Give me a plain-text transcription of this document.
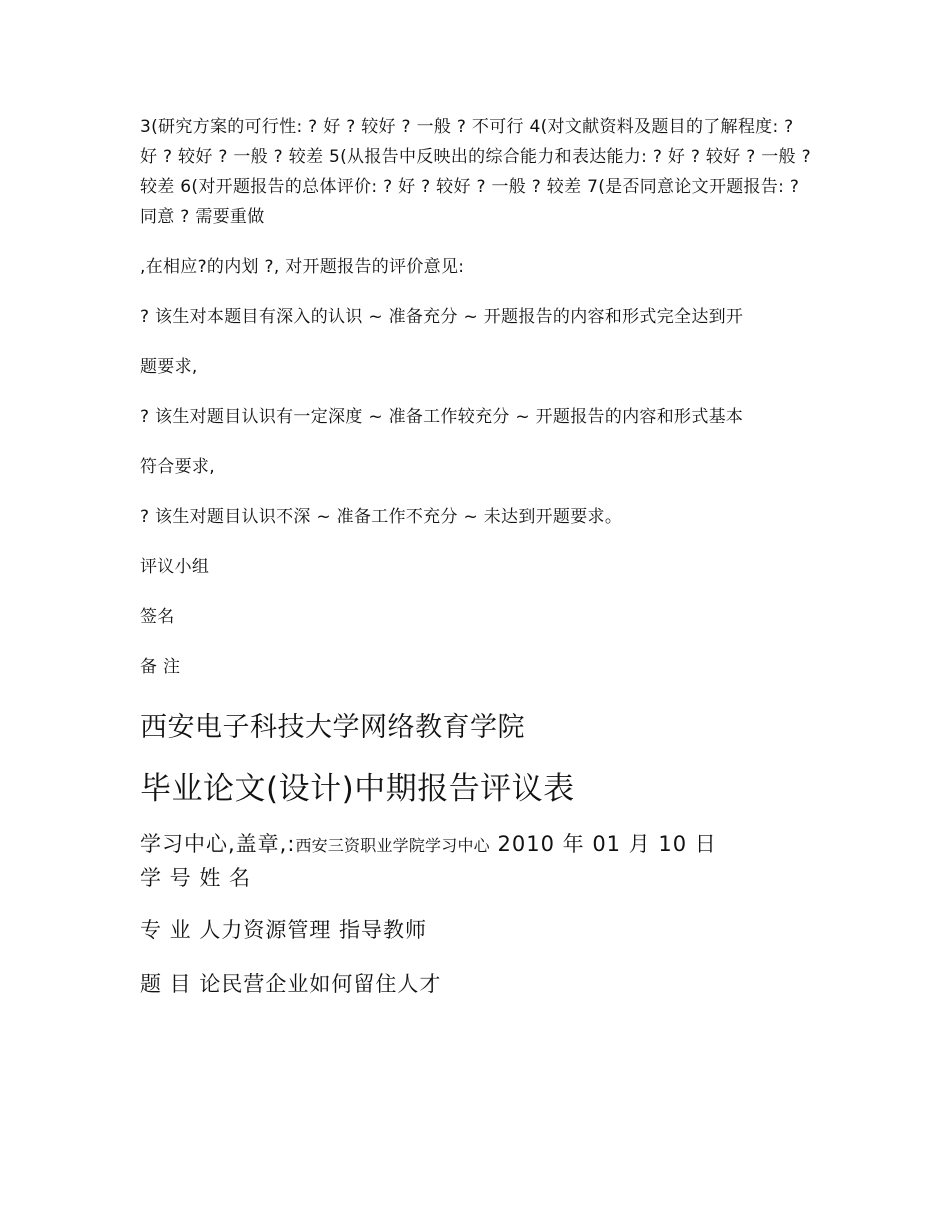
3(研究方案的可行性: ? 好 ? 较好 ? 一般 ? 不可行 4(对文献资料及题目的了解程度: ? 好 ? 较好 ? 一般 ? 较差 5(从报告中反映出的综合能力和表达能力: ? 好 ? 较好 ? 一般 ? 较差 6(对开题报告的总体评价: ? 好 ? 较好 ? 一般 ? 较差 7(是否同意论文开题报告: ? 同意 ? 需要重做

,在相应?的内划 ?, 对开题报告的评价意见:

? 该生对本题目有深入的认识 ~ 准备充分 ~ 开题报告的内容和形式完全达到开

题要求,

? 该生对题目认识有一定深度 ~ 准备工作较充分 ~ 开题报告的内容和形式基本

符合要求,

? 该生对题目认识不深 ~ 准备工作不充分 ~ 未达到开题要求。

评议小组

签名

备 注

西安电子科技大学网络教育学院

毕业论文(设计)中期报告评议表

学习中心,盖章,:西安三资职业学院学习中心 2010 年 01 月 10 日

学 号 姓 名

专 业 人力资源管理 指导教师

题 目 论民营企业如何留住人才
